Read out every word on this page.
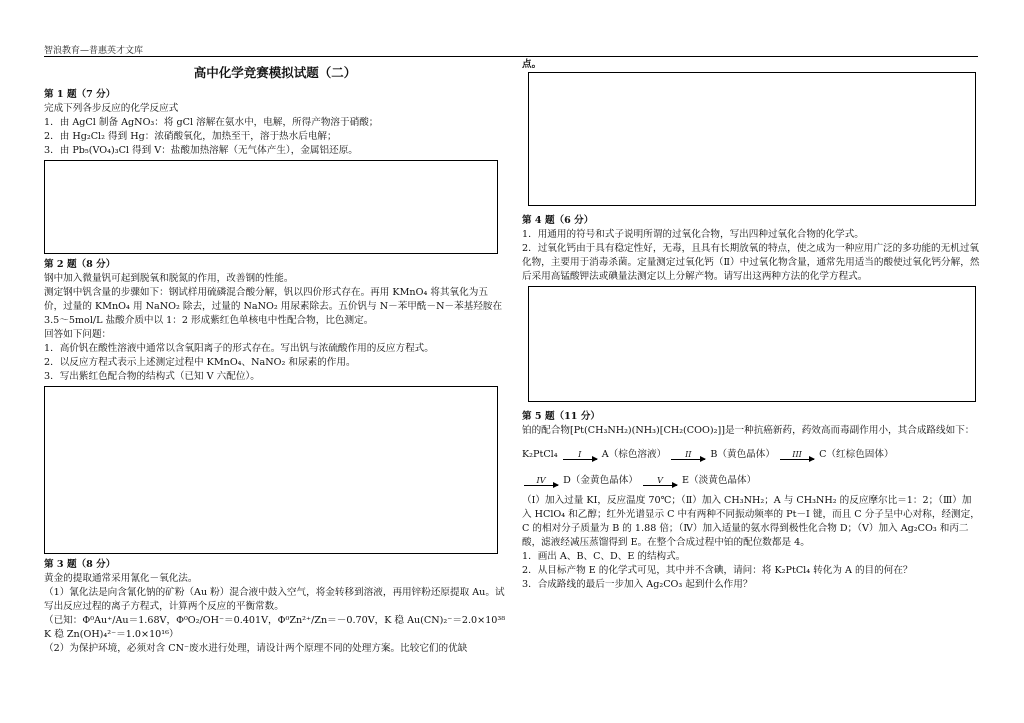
智浪教育—普惠英才文库
高中化学竞赛模拟试题（二）

第 1 题（7 分）

完成下列各步反应的化学反应式

1．由 AgCl 制备 AgNO₃：将 gCl 溶解在氨水中，电解，所得产物溶于硝酸；

2．由 Hg₂Cl₂ 得到 Hg：浓硝酸氧化，加热至干，溶于热水后电解；

3．由 Pb₅(VO₄)₃Cl 得到 V：盐酸加热溶解（无气体产生），金属铝还原。

第 2 题（8 分）

钢中加入微量钒可起到脱氧和脱氮的作用，改善钢的性能。

测定钢中钒含量的步骤如下：钢试样用硫磷混合酸分解，钒以四价形式存在。再用 KMnO₄ 将其氧化为五价，过量的 KMnO₄ 用 NaNO₂ 除去，过量的 NaNO₂ 用尿素除去。五价钒与 N－苯甲酰－N－苯基羟胺在 3.5～5mol/L 盐酸介质中以 1：2 形成紫红色单核电中性配合物，比色测定。

回答如下问题：

1．高价钒在酸性溶液中通常以含氧阳离子的形式存在。写出钒与浓硫酸作用的反应方程式。

2．以反应方程式表示上述测定过程中 KMnO₄、NaNO₂ 和尿素的作用。

3．写出紫红色配合物的结构式（已知 V 六配位）。

第 3 题（8 分）

黄金的提取通常采用氰化－氧化法。

（1）氰化法是向含氰化钠的矿粉（Au 粉）混合液中鼓入空气，将金转移到溶液，再用锌粉还原提取 Au。试写出反应过程的离子方程式，计算两个反应的平衡常数。

（已知：Φ⁰Au⁺/Au＝1.68V，Φ⁰O₂/OH⁻＝0.401V，Φ⁰Zn²⁺/Zn＝－0.70V，K 稳 Au(CN)₂⁻＝2.0×10³⁸ K 稳 Zn(OH)₄²⁻＝1.0×10¹⁶）

（2）为保护环境，必须对含 CN⁻废水进行处理，请设计两个原理不同的处理方案。比较它们的优缺

点。

第 4 题（6 分）

1．用通用的符号和式子说明所谓的过氧化合物，写出四种过氧化合物的化学式。

2．过氧化钙由于具有稳定性好，无毒，且具有长期放氧的特点，使之成为一种应用广泛的多功能的无机过氧化物，主要用于消毒杀菌。定量测定过氧化钙（Ⅱ）中过氧化物含量，通常先用适当的酸使过氧化钙分解，然后采用高锰酸钾法或碘量法测定以上分解产物。请写出这两种方法的化学方程式。

第 5 题（11 分）

铂的配合物[Pt(CH₃NH₂)(NH₃)[CH₂(COO)₂]]是一种抗癌新药，药效高而毒副作用小，其合成路线如下：

K₂PtCl₄	I	A（棕色溶液）	II	B（黄色晶体）	III	C（红棕色固体）
IV	D（金黄色晶体）	V	E（淡黄色晶体）

（Ⅰ）加入过量 KI，反应温度 70℃；（Ⅱ）加入 CH₃NH₂；A 与 CH₃NH₂ 的反应摩尔比＝1：2；（Ⅲ）加入 HClO₄ 和乙醇；红外光谱显示 C 中有两种不同振动频率的 Pt－I 键，而且 C 分子呈中心对称，经测定，C 的相对分子质量为 B 的 1.88 倍；（Ⅳ）加入适量的氨水得到极性化合物 D；（Ⅴ）加入 Ag₂CO₃ 和丙二酸，滤液经减压蒸馏得到 E。在整个合成过程中铂的配位数都是 4。

1．画出 A、B、C、D、E 的结构式。

2．从目标产物 E 的化学式可见，其中并不含碘，请问：将 K₂PtCl₄ 转化为 A 的目的何在？

3．合成路线的最后一步加入 Ag₂CO₃ 起到什么作用？
